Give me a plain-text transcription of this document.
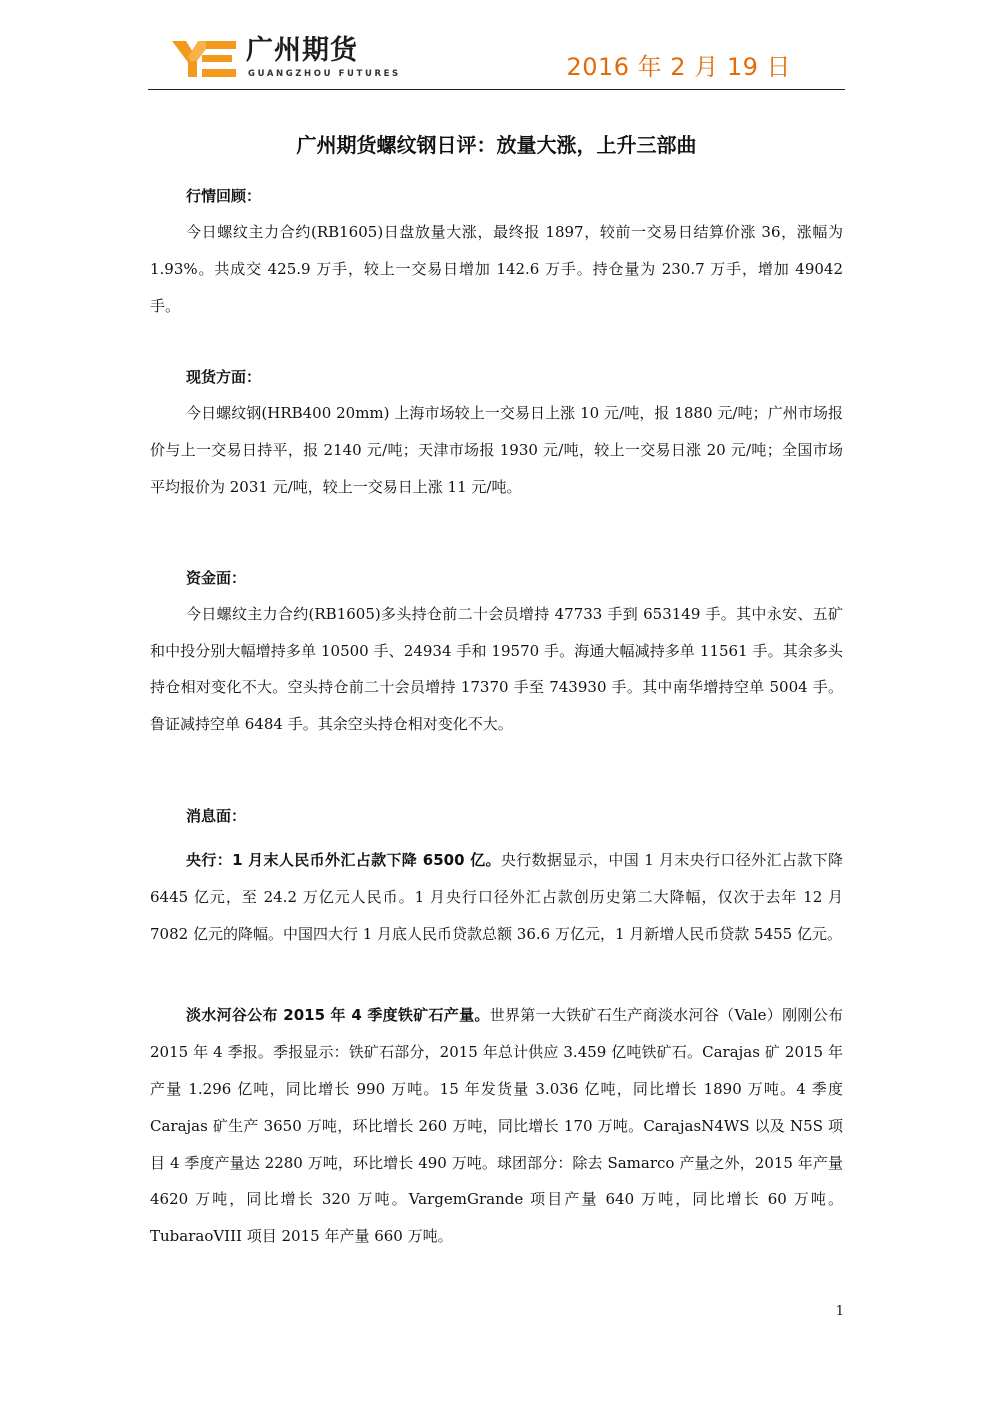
广州期货
GUANGZHOU FUTURES	2016 年 2 月 19 日
广州期货螺纹钢日评：放量大涨，上升三部曲
行情回顾：

今日螺纹主力合约(RB1605)日盘放量大涨，最终报 1897，较前一交易日结算价涨 36，涨幅为 1.93%。共成交 425.9 万手，较上一交易日增加 142.6 万手。持仓量为 230.7 万手，增加 49042 手。

现货方面：

今日螺纹钢(HRB400 20mm) 上海市场较上一交易日上涨 10 元/吨，报 1880 元/吨；广州市场报价与上一交易日持平，报 2140 元/吨；天津市场报 1930 元/吨，较上一交易日涨 20 元/吨；全国市场平均报价为 2031 元/吨，较上一交易日上涨 11 元/吨。

资金面：

今日螺纹主力合约(RB1605)多头持仓前二十会员增持 47733 手到 653149 手。其中永安、五矿和中投分别大幅增持多单 10500 手、24934 手和 19570 手。海通大幅减持多单 11561 手。其余多头持仓相对变化不大。空头持仓前二十会员增持 17370 手至 743930 手。其中南华增持空单 5004 手。鲁证减持空单 6484 手。其余空头持仓相对变化不大。

消息面：

央行：1 月末人民币外汇占款下降 6500 亿。央行数据显示，中国 1 月末央行口径外汇占款下降 6445 亿元，至 24.2 万亿元人民币。1 月央行口径外汇占款创历史第二大降幅，仅次于去年 12 月 7082 亿元的降幅。中国四大行 1 月底人民币贷款总额 36.6 万亿元，1 月新增人民币贷款 5455 亿元。

淡水河谷公布 2015 年 4 季度铁矿石产量。世界第一大铁矿石生产商淡水河谷（Vale）刚刚公布 2015 年 4 季报。季报显示：铁矿石部分，2015 年总计供应 3.459 亿吨铁矿石。Carajas 矿 2015 年产量 1.296 亿吨，同比增长 990 万吨。15 年发货量 3.036 亿吨，同比增长 1890 万吨。4 季度 Carajas 矿生产 3650 万吨，环比增长 260 万吨，同比增长 170 万吨。CarajasN4WS 以及 N5S 项目 4 季度产量达 2280 万吨，环比增长 490 万吨。球团部分：除去 Samarco 产量之外，2015 年产量 4620 万吨，同比增长 320 万吨。VargemGrande 项目产量 640 万吨，同比增长 60 万吨。TubaraoVIII 项目 2015 年产量 660 万吨。

1
